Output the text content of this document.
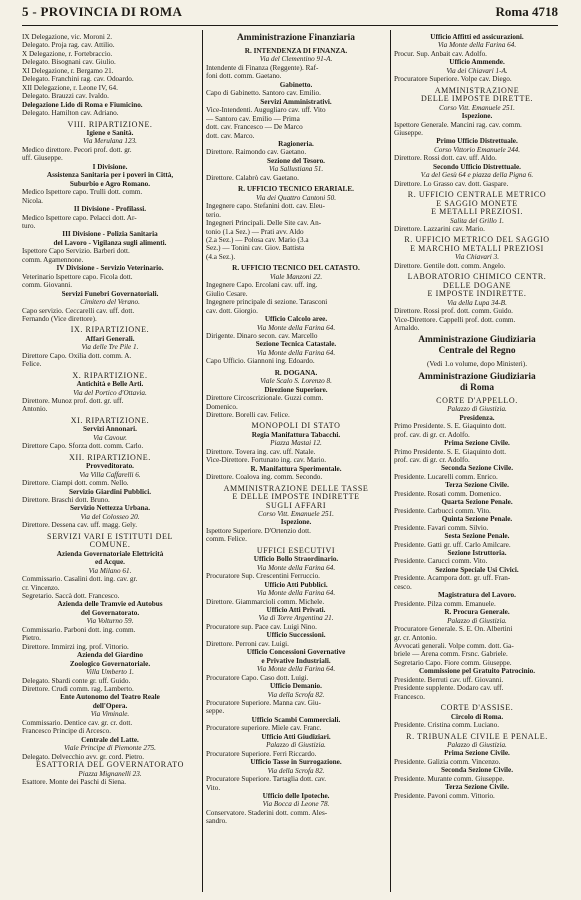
5 - PROVINCIA DI ROMA	Roma 4718
IX Delegazione, vic. Moroni 2.
Delegato. Proja rag. cav. Attilio.
X Delegazione, r. Fortebraccio.
Delegato. Bisognani cav. Giulio.
XI Delegazione, r. Bergamo 21.
Delegato. Franchini rag. cav. Odoardo.
XII Delegazione, r. Leone IV, 64.
Delegato. Brauzzi cav. Ivaldo.
Delegazione Lido di Roma e Fiumicino.
Delegato. Hamilton cav. Adriano.
VIII. RIPARTIZIONE.
Igiene e Sanità.
Via Merulana 123.
Medico direttore. Pecori prof. dott. gr.
uff. Giuseppe.
I Divisione.
Assistenza Sanitaria per i poveri in Città,
Suburbio e Agro Romano.
Medico Ispettore capo. Trulli dott. comm.
Nicola.
II Divisione - Profilassi.
Medico Ispettore capo. Pelacci dott. Ar-
turo.
III Divisione - Polizia Sanitaria
del Lavoro - Vigilanza sugli alimenti.
Ispettore Capo Servizio. Barberi dott.
comm. Agamennone.
IV Divisione - Servizio Veterinario.
Veterinario Ispettore capo. Ficola dott.
comm. Giovanni.
Servizi Funebri Governatoriali.
Cimitero del Verano.
Capo servizio. Ceccarelli cav. uff. dott.
Fernando (Vice direttore).
IX. RIPARTIZIONE.
Affari Generali.
Via delle Tre Pile 1.
Direttore Capo. Oxilia dott. comm. A.
Felice.
X. RIPARTIZIONE.
Antichità e Belle Arti.
Via del Portico d'Ottavia.
Direttore. Munoz prof. dott. gr. uff.
Antonio.
XI. RIPARTIZIONE.
Servizi Annonari.
Via Cavour.
Direttore Capo. Sforza dott. comm. Carlo.
XII. RIPARTIZIONE.
Provveditorato.
Via Villa Caffarelli 6.
Direttore. Ciampi dott. comm. Nello.
Servizio Giardini Pubblici.
Direttore. Braschi dott. Bruno.
Servizio Nettezza Urbana.
Via del Colosseo 20.
Direttore. Dessena cav. uff. magg. Gely.
SERVIZI VARI E ISTITUTI DEL
COMUNE.
Azienda Governatoriale Elettricità
ed Acque.
Via Milano 61.
Commissario. Casalini dott. ing. cav. gr.
cr. Vincenzo.
Segretario. Saccà dott. Francesco.
Azienda delle Tramvie ed Autobus
del Governatorato.
Via Volturno 59.
Commissario. Parboni dott. ing. comm.
Pietro.
Direttore. Immirzi ing. prof. Vittorio.
Azienda del Giardino
Zoologico Governatoriale.
Villa Umberto 1.
Delegato. Sbardi conte gr. uff. Guido.
Direttore. Crudi comm. rag. Lamberto.
Ente Autonomo del Teatro Reale
dell'Opera.
Via Viminale.
Commissario. Dentice cav. gr. cr. dott.
Francesco Principe di Arcesco.
Centrale del Latte.
Viale Principe di Piemonte 275.
Delegato. Delvecchio avv. gr. cord. Pietro.
ESATTORIA DEL GOVERNATORATO
Piazza Mignanelli 23.
Esattore. Monte dei Paschi di Siena.
Amministrazione Finanziaria
R. INTENDENZA DI FINANZA.
Via del Clementino 91-A.
Intendente di Finanza (Reggente). Raf-
foni dott. comm. Gaetano.
Gabinetto.
Capo di Gabinetto. Santoro cav. Emilio.
Servizi Amministrativi.
Vice-Intendenti. Augugliaro cav. uff. Vito
— Santoro cav. Emilio — Prima
dott. cav. Francesco — De Marco
dott. cav. Marco.
Ragioneria.
Direttore. Raimondo cav. Gaetano.
Sezione del Tesoro.
Via Sallustiana 51.
Direttore. Calabrò cav. Gaetano.
R. UFFICIO TECNICO ERARIALE.
Via dei Quattro Cantoni 50.
Ingegnere capo. Stefanini dott. cav. Eleu-
terio.
Ingegneri Principali. Delle Site cav. An-
tonio (1.a Sez.) — Prati avv. Aldo
(2.a Sez.) — Polosa cav. Mario (3.a
Sez.) — Tonini cav. Giov. Battista
(4.a Sez.).
R. UFFICIO TECNICO DEL CATASTO.
Viale Manzoni 22.
Ingegnere Capo. Ercolani cav. uff. ing.
Giulio Cesare.
Ingegnere principale di sezione. Tarasconi
cav. dott. Giorgio.
Ufficio Calcolo aree.
Via Monte della Farina 64.
Dirigente. Dinaro secon. cav. Marcello
Sezione Tecnica Catastale.
Via Monte della Farina 64.
Capo Ufficio. Giannoni ing. Edoardo.
R. DOGANA.
Viale Scalo S. Lorenzo 8.
Direzione Superiore.
Direttore Circoscrizionale. Guzzi comm.
Domenico.
Direttore. Borelli cav. Felice.
MONOPOLI DI STATO
Regia Manifattura Tabacchi.
Piazza Mastai 12.
Direttore. Tovera ing. cav. uff. Natale.
Vice-Direttore. Fortunato ing. cav. Mario.
R. Manifattura Sperimentale.
Direttore. Coalova ing. comm. Secondo.
AMMINISTRAZIONE DELLE TASSE
E DELLE IMPOSTE INDIRETTE
SUGLI AFFARI
Corso Vitt. Emanuele 251.
Ispezione.
Ispettore Superiore. D'Ortenzio dott.
comm. Felice.
UFFICI ESECUTIVI
Ufficio Bollo Straordinario.
Via Monte della Farina 64.
Procuratore Sup. Crescentini Ferruccio.
Ufficio Atti Pubblici.
Via Monte della Farina 64.
Direttore. Giammarcioli comm. Michele.
Ufficio Atti Privati.
Via di Torre Argentina 21.
Procuratore sup. Pace cav. Luigi Nino.
Ufficio Successioni.
Direttore. Perroni cav. Luigi.
Ufficio Concessioni Governative
e Privative Industriali.
Via Monte della Farina 64.
Procuratore Capo. Caso dott. Luigi.
Ufficio Demanio.
Via della Scrofa 82.
Procuratore Superiore. Manna cav. Giu-
seppe.
Ufficio Scambi Commerciali.
Procuratore superiore. Miele cav. Franc.
Ufficio Atti Giudiziari.
Palazzo di Giustizia.
Procuratore Superiore. Ferri Riccardo.
Ufficio Tasse in Surrogazione.
Via della Scrofa 82.
Procuratore Superiore. Tartaglia dott. cav.
Vito.
Ufficio delle Ipoteche.
Via Bocca di Leone 78.
Conservatore. Staderini dott. comm. Ales-
sandro.
Ufficio Affitti ed assicurazioni.
Via Monte della Farina 64.
Procur. Sup. Anbait cav. Adolfo.
Ufficio Ammende.
Via dei Chiavari 1-A.
Procuratore Superiore. Volpe cav. Diego.
AMMINISTRAZIONE
DELLE IMPOSTE DIRETTE.
Corso Vitt. Emanuele 251.
Ispezione.
Ispettore Generale. Mancini rag. cav. comm.
Giuseppe.
Primo Ufficio Distrettuale.
Corso Vittorio Emanuele 244.
Direttore. Rossi dott. cav. uff. Aldo.
Secondo Ufficio Distrettuale.
V.a del Gesù 64 e piazza della Pigna 6.
Direttore. Lo Grasso cav. dott. Gaspare.
R. UFFICIO CENTRALE METRICO
E SAGGIO MONETE
E METALLI PREZIOSI.
Salita del Grillo 1.
Direttore. Lazzarini cav. Mario.
R. UFFICIO METRICO DEL SAGGIO
E MARCHIO METALLI PREZIOSI
Via Chiavari 3.
Direttore. Gentile dott. comm. Angelo.
LABORATORIO CHIMICO CENTR.
DELLE DOGANE
E IMPOSTE INDIRETTE.
Via della Lupa 34-B.
Direttore. Rossi prof. dott. comm. Guido.
Vice-Direttore. Cappelli prof. dott. comm.
Arnaldo.
Amministrazione Giudiziaria
Centrale del Regno
(Vedi 1.o volume, dopo Ministeri).
Amministrazione Giudiziaria
di Roma
CORTE D'APPELLO.
Palazzo di Giustizia.
Presidenza.
Primo Presidente. S. E. Giaquinto dott.
prof. cav. di gr. cr. Adolfo.
Prima Sezione Civile.
Primo Presidente. S. E. Giaquinto dott.
prof. cav. di gr. cr. Adolfo.
Seconda Sezione Civile.
Presidente. Lucarelli comm. Enrico.
Terza Sezione Civile.
Presidente. Rosati comm. Domenico.
Quarta Sezione Penale.
Presidente. Carbucci comm. Vito.
Quinta Sezione Penale.
Presidente. Favari comm. Silvio.
Sesta Sezione Penale.
Presidente. Gatti gr. uff. Carlo Amilcare.
Sezione Istruttoria.
Presidente. Carucci comm. Vito.
Sezione Speciale Usi Civici.
Presidente. Acampora dott. gr. uff. Fran-
cesco.
Magistratura del Lavoro.
Presidente. Pilza comm. Emanuele.
R. Procura Generale.
Palazzo di Giustizia.
Procuratore Generale. S. E. On. Albertini
gr. cr. Antonio.
Avvocati generali. Volpe comm. dott. Ga-
briele — Arena comm. Frsnc. Gabriele.
Segretario Capo. Fiore comm. Giuseppe.
Commissione pel Gratuito Patrocinio.
Presidente. Berruti cav. uff. Giovanni.
Presidente supplente. Dodaro cav. uff.
Francesco.
CORTE D'ASSISE.
Circolo di Roma.
Presidente. Cristina comm. Luciano.
R. TRIBUNALE CIVILE E PENALE.
Palazzo di Giustizia.
Prima Sezione Civile.
Presidente. Galizia comm. Vincenzo.
Seconda Sezione Civile.
Presidente. Murante comm. Giuseppe.
Terza Sezione Civile.
Presidente. Pavoni comm. Vittorio.
